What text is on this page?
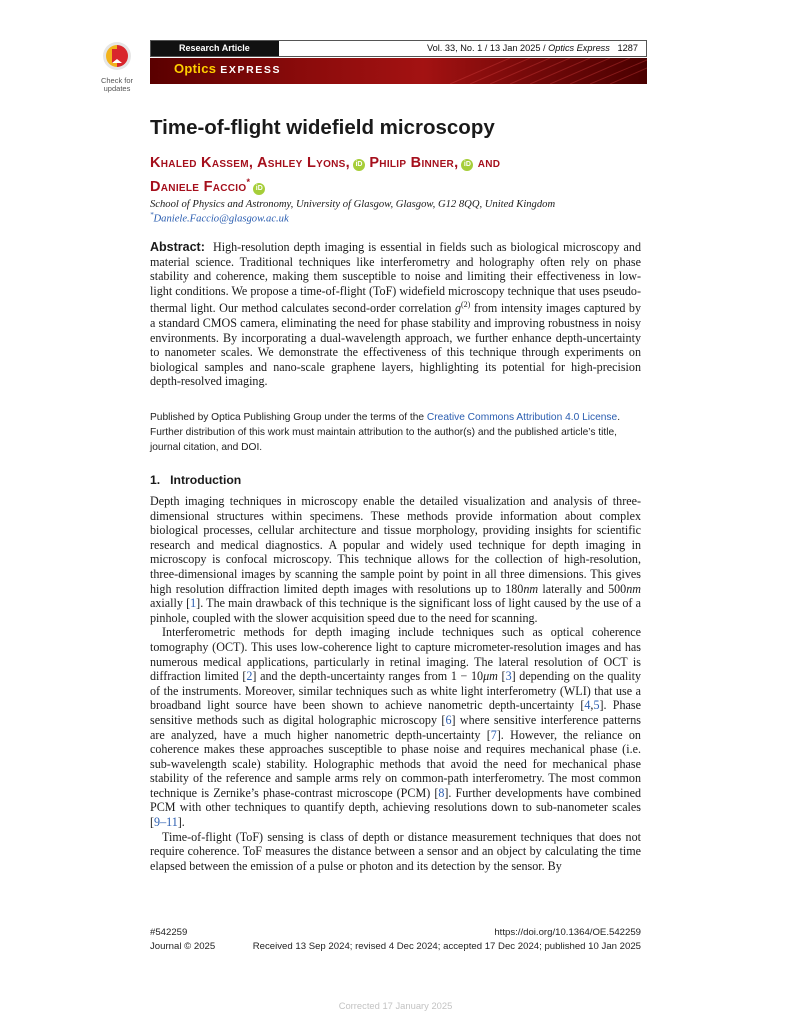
Check for
updates
Research Article	Vol. 33, No. 1 / 13 Jan 2025 / Optics Express 1287
Optics EXPRESS
Time-of-flight widefield microscopy
Khaled Kassem, Ashley Lyons, iD Philip Binner, iD and
Daniele Faccio*iD
School of Physics and Astronomy, University of Glasgow, Glasgow, G12 8QQ, United Kingdom
*Daniele.Faccio@glasgow.ac.uk

Abstract: High-resolution depth imaging is essential in fields such as biological microscopy and material science. Traditional techniques like interferometry and holography often rely on phase stability and coherence, making them susceptible to noise and limiting their effectiveness in low-light conditions. We propose a time-of-flight (ToF) widefield microscopy technique that uses pseudo-thermal light. Our method calculates second-order correlation $g^{(2)}$ from intensity images captured by a standard CMOS camera, eliminating the need for phase stability and improving robustness in noisy environments. By incorporating a dual-wavelength approach, we further enhance depth-uncertainty to nanometer scales. We demonstrate the effectiveness of this technique through experiments on biological samples and nano-scale graphene layers, highlighting its potential for high-precision depth-resolved imaging.

Published by Optica Publishing Group under the terms of the Creative Commons Attribution 4.0 License. Further distribution of this work must maintain attribution to the author(s) and the published article’s title, journal citation, and DOI.
1. Introduction

Depth imaging techniques in microscopy enable the detailed visualization and analysis of three-dimensional structures within specimens. These methods provide information about complex biological processes, cellular architecture and tissue morphology, providing insights for scientific research and medical diagnostics. A popular and widely used technique for depth imaging in microscopy is confocal microscopy. This technique allows for the collection of high-resolution, three-dimensional images by scanning the sample point by point in all three dimensions. This gives high resolution diffraction limited depth images with resolutions up to 180nm laterally and 500nm axially [1]. The main drawback of this technique is the significant loss of light caused by the use of a pinhole, coupled with the slower acquisition speed due to the need for scanning.

Interferometric methods for depth imaging include techniques such as optical coherence tomography (OCT). This uses low-coherence light to capture micrometer-resolution images and has numerous medical applications, particularly in retinal imaging. The lateral resolution of OCT is diffraction limited [2] and the depth-uncertainty ranges from 1 − 10μm [3] depending on the quality of the instruments. Moreover, similar techniques such as white light interferometry (WLI) that use a broadband light source have been shown to achieve nanometric depth-uncertainty [4,5]. Phase sensitive methods such as digital holographic microscopy [6] where sensitive interference patterns are analyzed, have a much higher nanometric depth-uncertainty [7]. However, the reliance on coherence makes these approaches susceptible to phase noise and requires mechanical phase (i.e. sub-wavelength scale) stability. Holographic methods that avoid the need for mechanical phase stability of the reference and sample arms rely on common-path interferometry. The most common technique is Zernike’s phase-contrast microscope (PCM) [8]. Further developments have combined PCM with other techniques to quantify depth, achieving resolutions down to sub-nanometer scales [9–11].

Time-of-flight (ToF) sensing is class of depth or distance measurement techniques that does not require coherence. ToF measures the distance between a sensor and an object by calculating the time elapsed between the emission of a pulse or photon and its detection by the sensor. By

#542259	https://doi.org/10.1364/OE.542259
Journal © 2025	Received 13 Sep 2024; revised 4 Dec 2024; accepted 17 Dec 2024; published 10 Jan 2025
Corrected 17 January 2025
